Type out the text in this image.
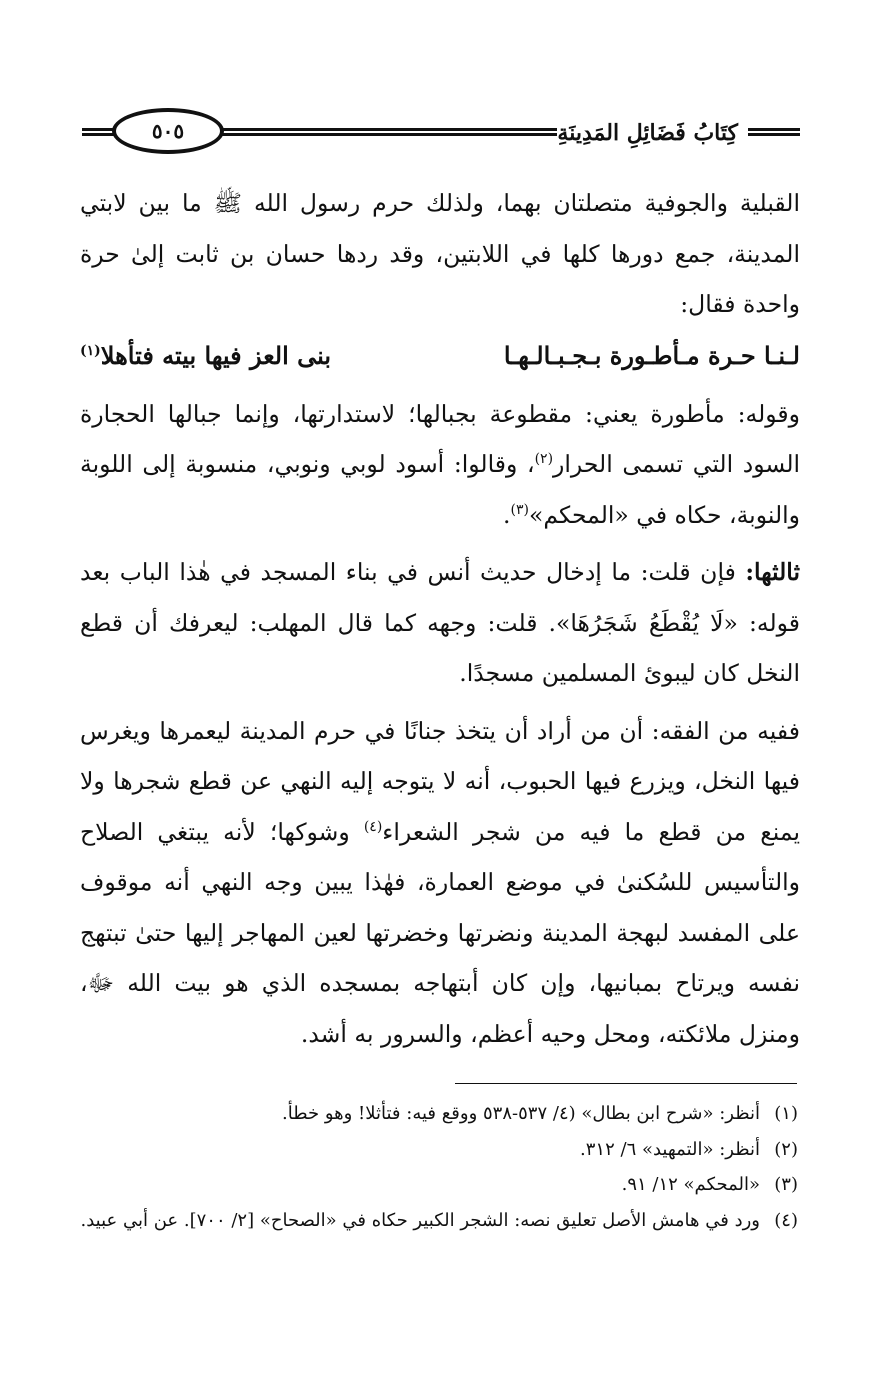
كِتَابُ فَضَائِلِ المَدِينَةِ
٥٠٥

القبلية والجوفية متصلتان بهما، ولذلك حرم رسول الله ﷺ ما بين لابتي المدينة، جمع دورها كلها في اللابتين، وقد ردها حسان بن ثابت إلىٰ حرة واحدة فقال:

لـنـا حـرة مـأطـورة بـجـبـالـهـا
بنى العز فيها بيته فتأهلا$^{(١)}$

وقوله: مأطورة يعني: مقطوعة بجبالها؛ لاستدارتها، وإنما جبالها الحجارة السود التي تسمى الحرار$^{(٢)}$، وقالوا: أسود لوبي ونوبي، منسوبة إلى اللوبة والنوبة، حكاه في «المحكم»$^{(٣)}$.

ثالثها: فإن قلت: ما إدخال حديث أنس في بناء المسجد في هٰذا الباب بعد قوله: «لَا يُقْطَعُ شَجَرُهَا». قلت: وجهه كما قال المهلب: ليعرفك أن قطع النخل كان ليبوئ المسلمين مسجدًا.

ففيه من الفقه: أن من أراد أن يتخذ جنانًا في حرم المدينة ليعمرها ويغرس فيها النخل، ويزرع فيها الحبوب، أنه لا يتوجه إليه النهي عن قطع شجرها ولا يمنع من قطع ما فيه من شجر الشعراء$^{(٤)}$ وشوكها؛ لأنه يبتغي الصلاح والتأسيس للسُكنىٰ في موضع العمارة، فهٰذا يبين وجه النهي أنه موقوف على المفسد لبهجة المدينة ونضرتها وخضرتها لعين المهاجر إليها حتىٰ تبتهج نفسه ويرتاح بمبانيها، وإن كان أبتهاجه بمسجده الذي هو بيت الله ﷻ، ومنزل ملائكته، ومحل وحيه أعظم، والسرور به أشد.

(١)
أنظر: «شرح ابن بطال» (٤/ ٥٣٧-٥٣٨ ووقع فيه: فتأثلا! وهو خطأ.
(٢)
أنظر: «التمهيد» ٦/ ٣١٢.
(٣)
«المحكم» ١٢/ ٩١.
(٤)
ورد في هامش الأصل تعليق نصه: الشجر الكبير حكاه في «الصحاح» [٢/ ٧٠٠]. عن أبي عبيد.
